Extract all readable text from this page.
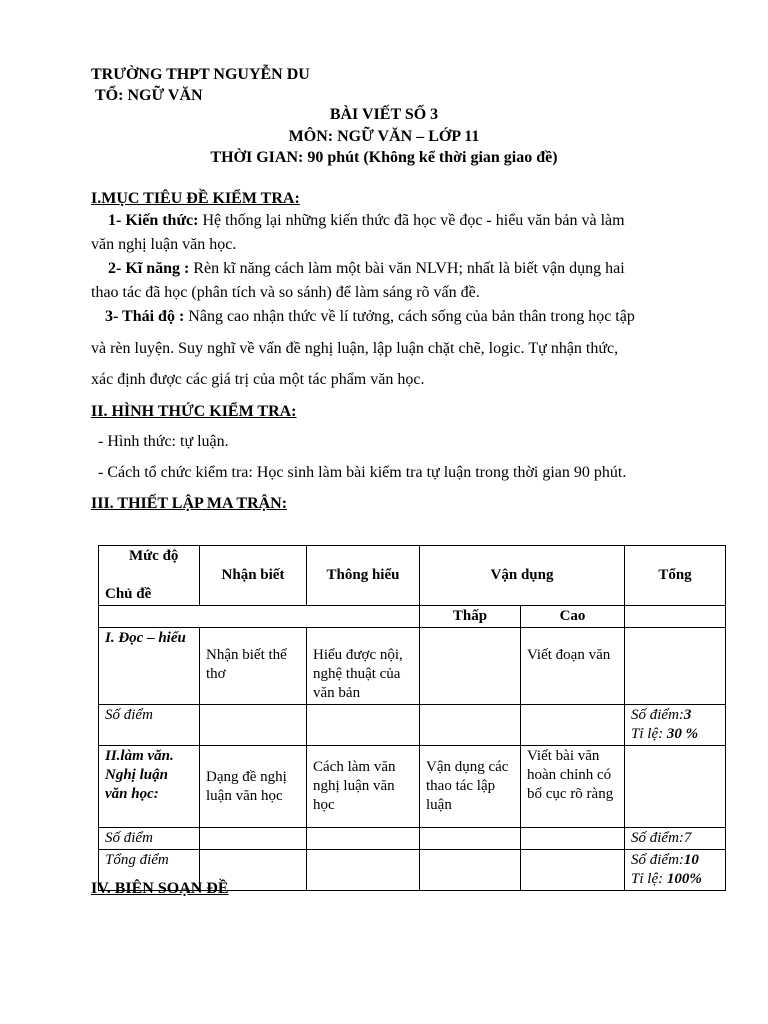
TRƯỜNG THPT NGUYỄN DU
TỔ: NGỮ VĂN
BÀI VIẾT SỐ 3
MÔN: NGỮ VĂN – LỚP 11
THỜI GIAN: 90 phút (Không kể thời gian giao đề)
I.MỤC TIÊU ĐỀ KIỂM TRA:
1- Kiến thức: Hệ thống lại những kiến thức đã học về đọc - hiểu văn bản và làm
văn nghị luận văn học.
2- Kĩ năng : Rèn kĩ năng cách làm một bài văn NLVH; nhất là biết vận dụng hai
thao tác đã học (phân tích và so sánh) để làm sáng rõ vấn đề.
3- Thái độ : Nâng cao nhận thức về lí tưởng, cách sống của bản thân trong học tập
và rèn luyện. Suy nghĩ về vấn đề nghị luận, lập luận chặt chẽ, logic. Tự nhận thức,
xác định được các giá trị của một tác phẩm văn học.
II. HÌNH THỨC KIỂM TRA:
- Hình thức: tự luận.
- Cách tổ chức kiểm tra: Học sinh làm bài kiểm tra tự luận trong thời gian 90 phút.
III. THIẾT LẬP MA TRẬN:
Mức độ
Chủ đề	Nhận biết	Thông hiểu	Vận dụng		Tổng
			Thấp	Cao	
I. Đọc – hiểu	Nhận biết thể thơ	Hiểu được nội, nghệ thuật của văn bản		Viết đoạn văn	

Số điểm					Số điểm:3
Tỉ lệ: 30 %

II.làm văn. Nghị luận văn học:	Dạng đề nghị luận văn học	Cách làm văn nghị luận văn học	Vận dụng các thao tác lập luận	Viết bài văn hoàn chỉnh có bố cục rõ ràng	
Số điểm					Số điểm:7
Tổng điểm					Số điểm:10
Tỉ lệ: 100%
IV. BIÊN SOẠN ĐỀ
